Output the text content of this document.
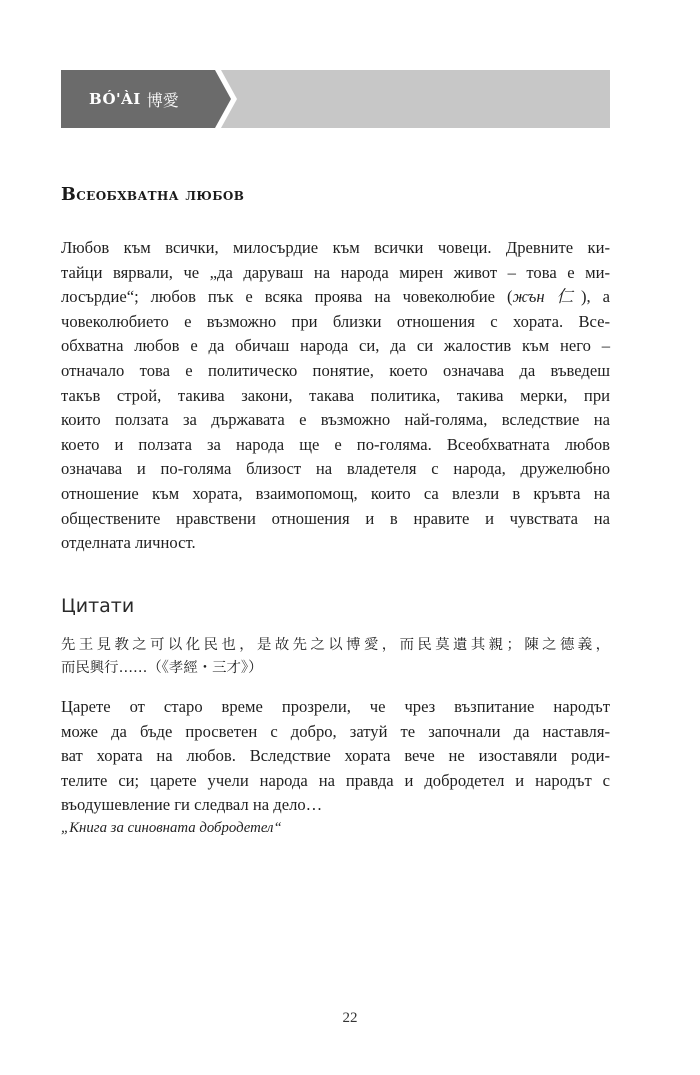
BÓ'ÀI 博愛
Всеобхватна любов
Любов към всички, милосърдие към всички човеци. Древните ки-
тайци вярвали, че „да даруваш на народа мирен живот – това е ми-
лосърдие“; любов пък е всяка проява на човеколюбие (жън 仁), а
човеколюбието е възможно при близки отношения с хората. Все-
обхватна любов е да обичаш народа си, да си жалостив към него –
отначало това е политическо понятие, което означава да въведеш
такъв строй, такива закони, такава политика, такива мерки, при
които ползата за държавата е възможно най-голяма, вследствие на
което и ползата за народа ще е по-голяма. Всеобхватната любов
означава и по-голяма близост на владетеля с народа, дружелюбно
отношение към хората, взаимопомощ, които са влезли в кръвта на
обществените нравствени отношения и в нравите и чувствата на
отделната личност.
Цитати
先王見教之可以化民也，是故先之以博愛，而民莫遺其親；陳之德義，
而民興行……（《孝經・三才》）
Царете от старо време прозрели, че чрез възпитание народът
може да бъде просветен с добро, затуй те започнали да наставля-
ват хората на любов. Вследствие хората вече не изоставяли роди-
телите си; царете учели народа на правда и добродетел и народът с
въодушевление ги следвал на дело…
„Книга за синовната добродетел“
22
